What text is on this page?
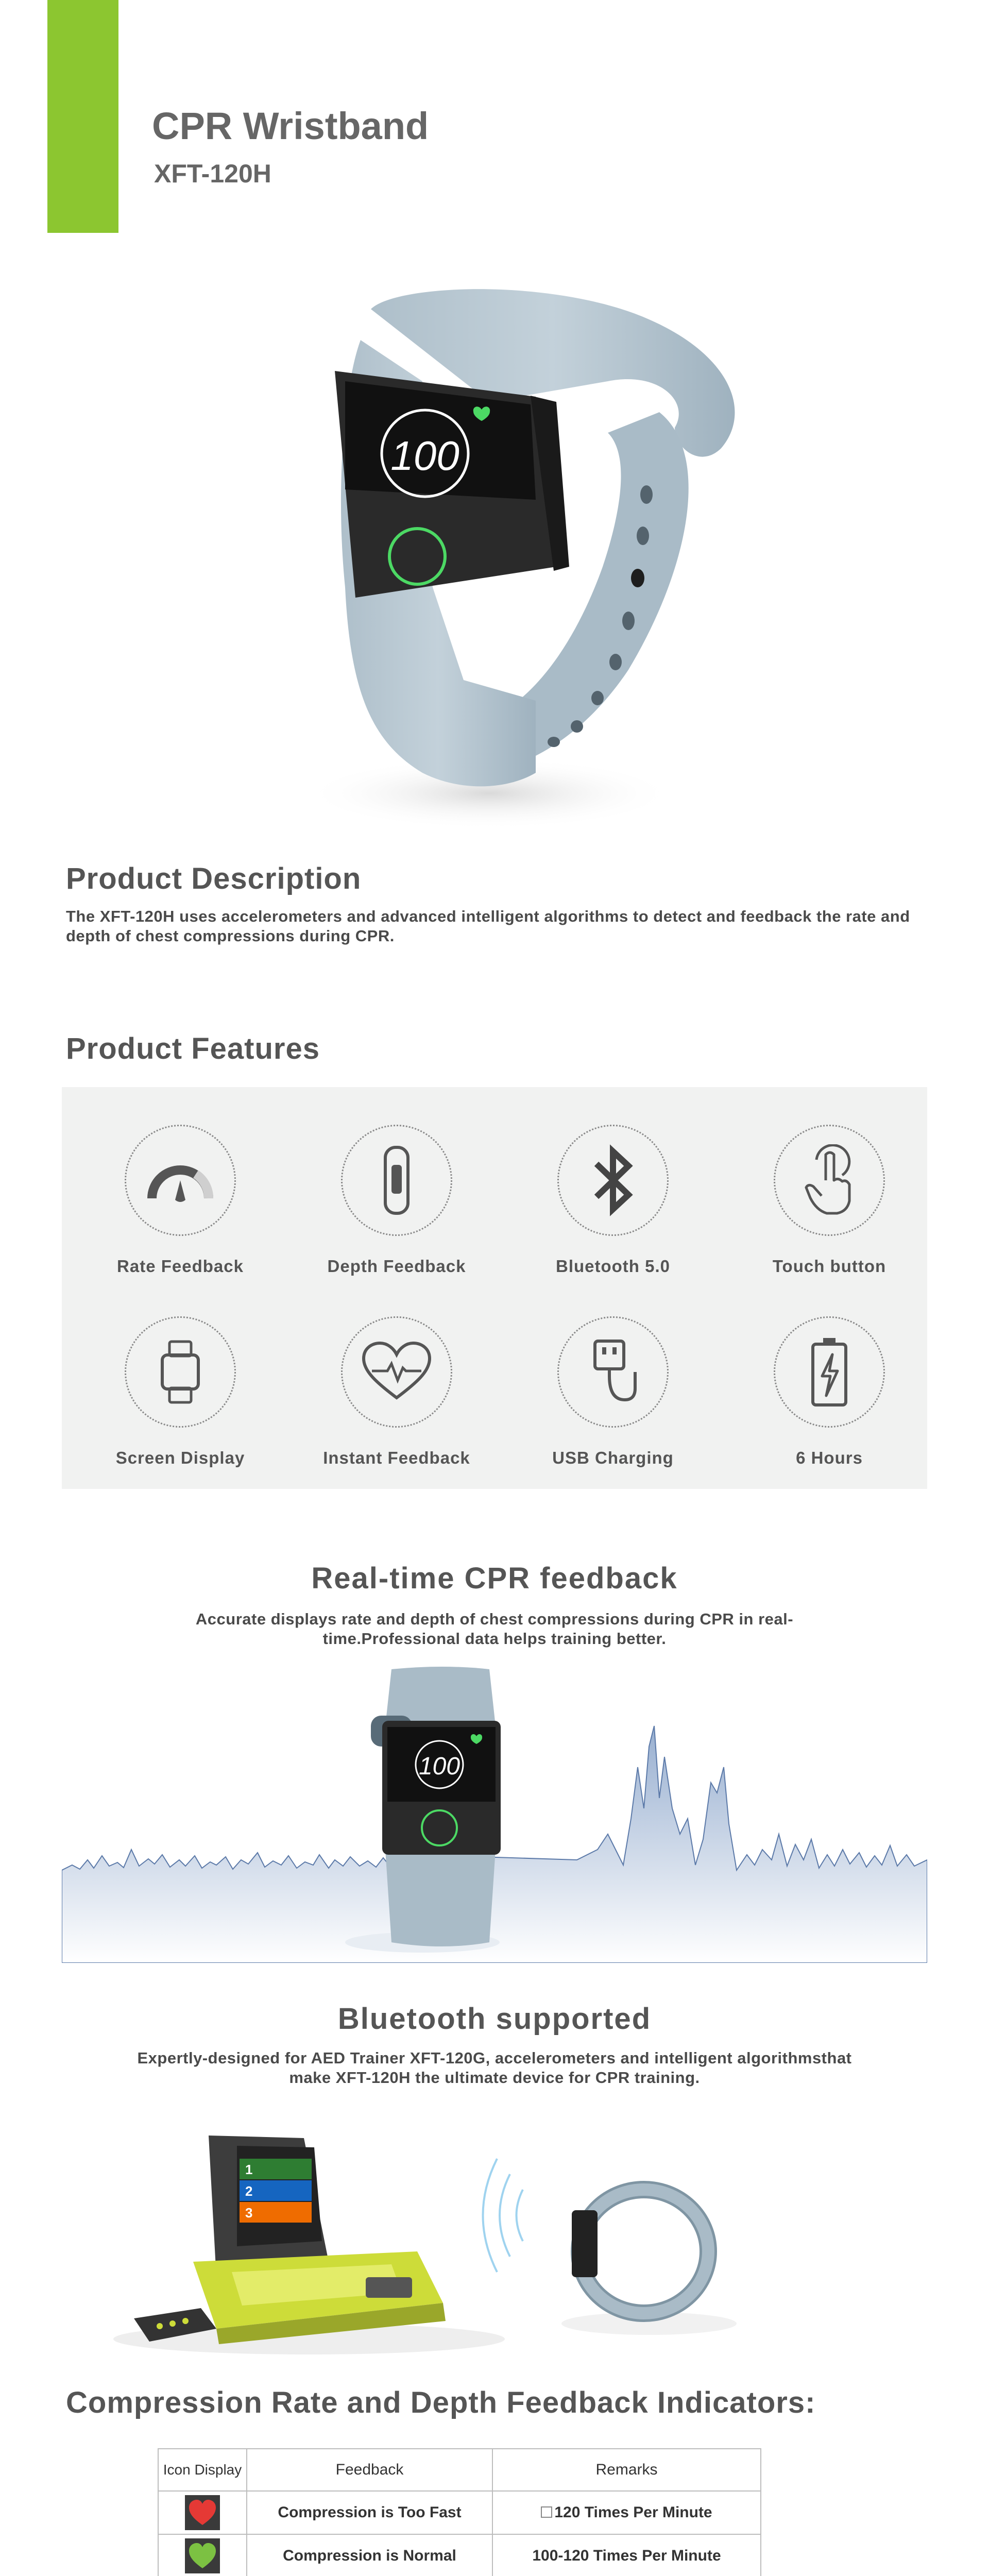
CPR Wristband
XFT-120H
100
Product Description
The XFT-120H uses accelerometers and advanced intelligent algorithms to detect and feedback the rate and depth of chest compressions during CPR.
Product Features
Rate Feedback	Depth Feedback	Bluetooth 5.0	Touch button
Screen Display	Instant Feedback	USB Charging	6 Hours
Real-time CPR feedback
Accurate displays rate and depth of chest compressions during CPR in real-time.Professional data helps training better.
100
Bluetooth supported
Expertly-designed for AED Trainer XFT-120G, accelerometers and intelligent algorithmsthat make XFT-120H the ultimate device for CPR training.
1
2
3
Compression Rate and Depth Feedback Indicators:
Icon Display	Feedback	Remarks
	Compression is Too Fast	120 Times Per Minute
	Compression is Normal	100-120 Times Per Minute
